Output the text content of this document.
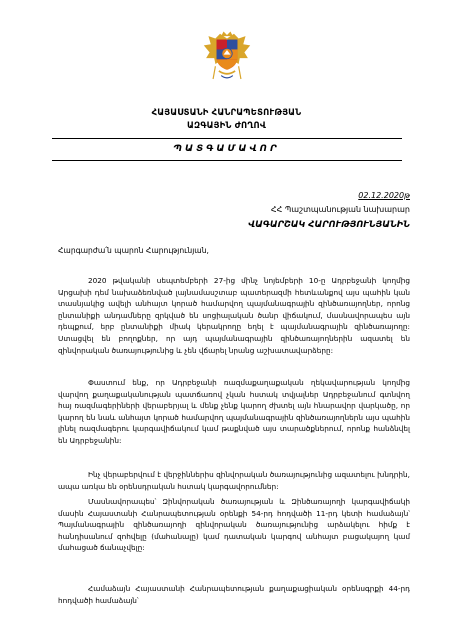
ՀԱՅԱՍՏԱՆԻ ՀԱՆՐԱՊԵՏՈՒԹՅԱՆ
ԱԶԳԱՅԻՆ ԺՈՂՈՎ
ՊԱՏԳԱՄԱՎՈՐ
02.12.2020թ
ՀՀ Պաշտպանության նախարար
ՎԱԳԱՐՇԱԿ ՀԱՐՈՒԹՅՈՒՆՅԱՆԻՆ
Հարգարժա՛ն պարոն Հարությունյան,

2020 թվականի սեպտեմբերի 27-ից մինչ նոյեմբերի 10-ը Ադրբեջանի կողմից Արցախի դեմ նախաձեռնված լայնամասշտաբ պատերազմի հետևանքով այս պահին կան տասնյակից ավելի անհայտ կորած համարվող պայմանագրային զինծառայողներ, որոնց ընտանիքի անդամները զրկված են սոցիալական ծանր վիճակում, մասնավորապես այն դեպքում, երբ ընտանիքի միակ կերակրողը եղել է պայմանագրային զինծառայողը: Ստացվել են բողոքներ, որ այդ պայմանագրային զինծառայողներին ազատել են զինվորական ծառայությունից և չեն վճարել նրանց աշխատավարձերը:

Փաստում ենք, որ Ադրբեջանի ռազմաքաղաքական ղեկավարության կողմից վարվող քաղաքականության պատճառով չկան հստակ տվյալներ Ադրբեջանում գտնվող հայ ռազմագերիների վերաբերյալ և մենք չենք կարող ժխտել այն հնարավոր վարկածը, որ կարող են նաև անհայտ կորած համարվող պայմանագրային զինծառայողներն այս պահին լինել ռազմագերու կարգավիճակում կամ թաքնված այս տարածքներում, որոնք հանձնվել են Ադրբեջանին:

Ինչ վերաբերվում է վերջիններիս զինվորական ծառայությունից ազատելու խնդրին, ապա առկա են օրենսդրական հստակ կարգավորումներ:

Մասնավորապես՝ Զինվորական ծառայության և Զինծառայողի կարգավիճակի մասին Հայաստանի Հանրապետության օրենքի 54-րդ հոդվածի 11-րդ կետի համաձայն՝ Պայմանագրային զինծառայողի զինվորական ծառայությունից արձակելու հիմք է հանդիսանում զոհվելը (մահանալը) կամ դատական կարգով անհայտ բացակայող կամ մահացած ճանաչվելը:

Համաձայն Հայաստանի Հանրապետության քաղաքացիական օրենսգրքի 44-րդ հոդվածի համաձայն՝
